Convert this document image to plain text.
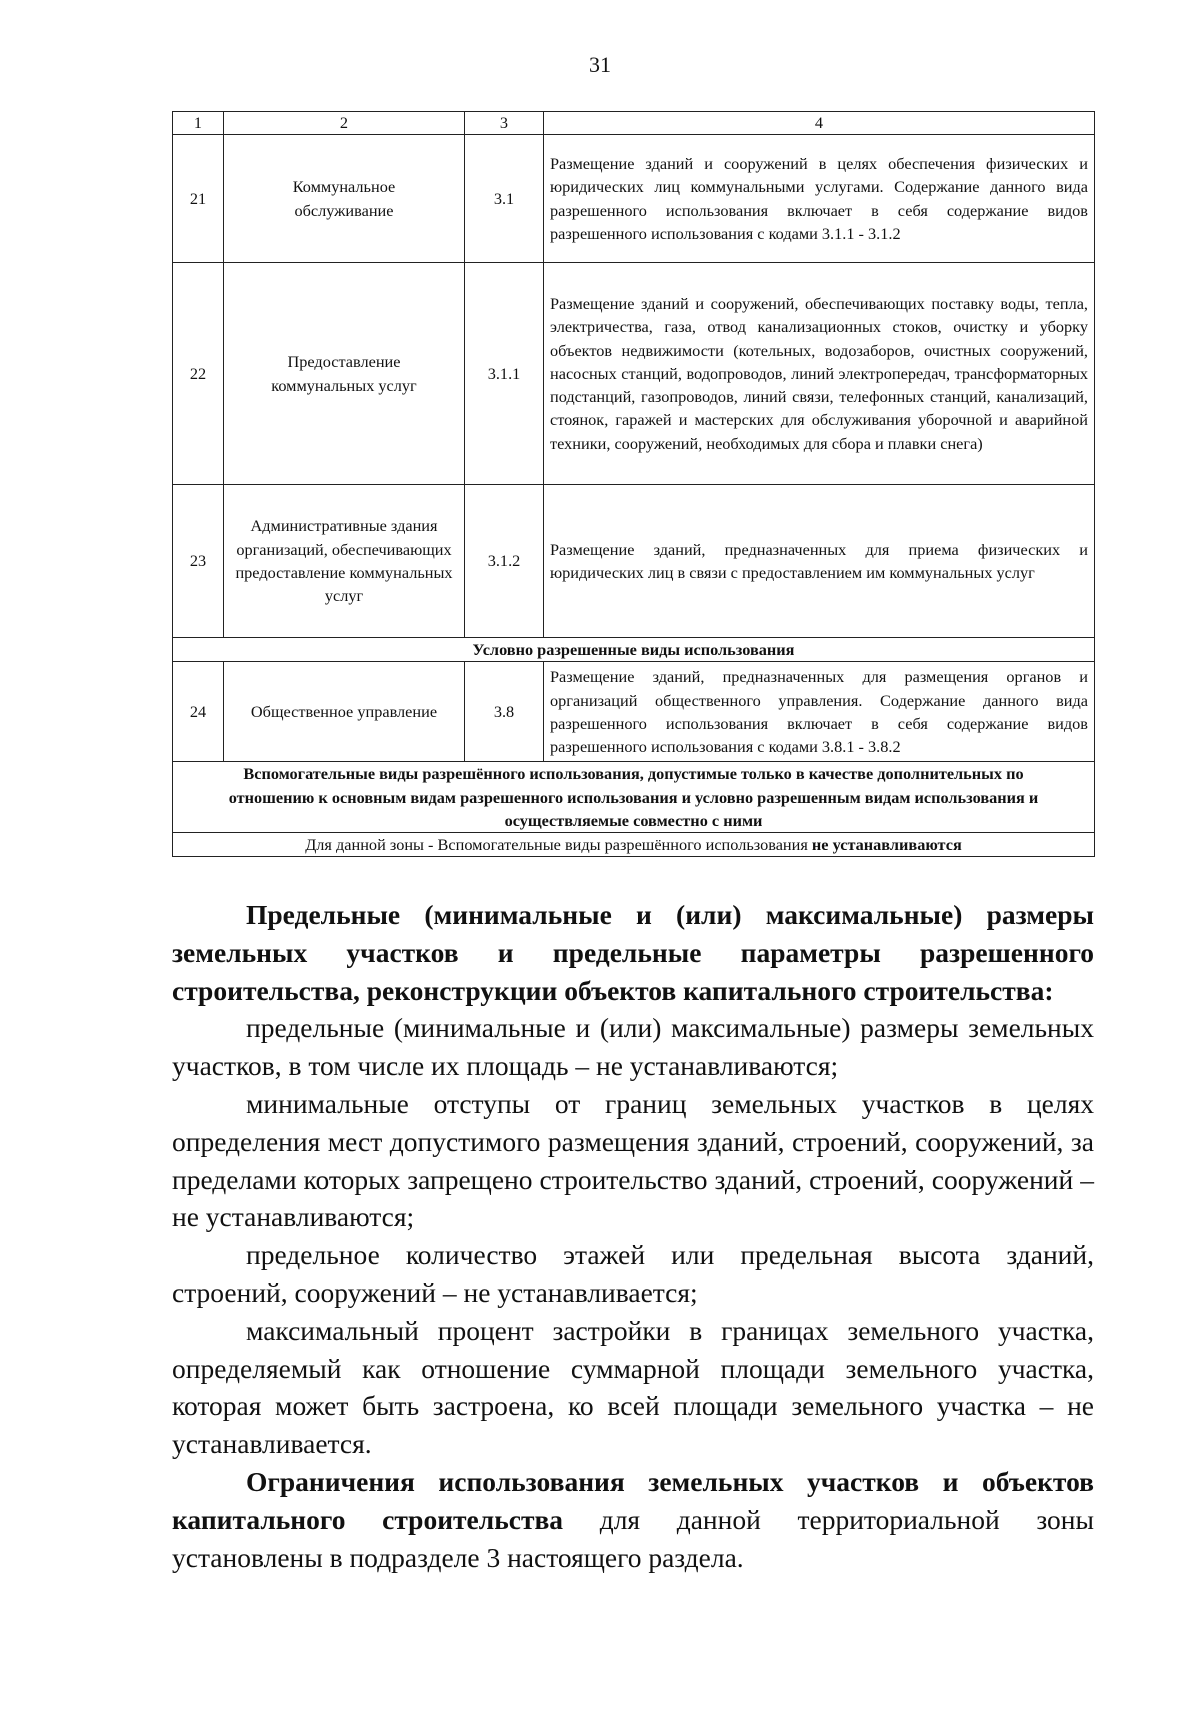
31
1	2	3	4
21	Коммунальное обслуживание	3.1	Размещение зданий и сооружений в целях обеспечения физических и юридических лиц коммунальными услугами. Содержание данного вида разрешенного использования включает в себя содержание видов разрешенного использования с кодами 3.1.1 - 3.1.2
22	Предоставление коммунальных услуг	3.1.1	Размещение зданий и сооружений, обеспечивающих поставку воды, тепла, электричества, газа, отвод канализационных стоков, очистку и уборку объектов недвижимости (котельных, водозаборов, очистных сооружений, насосных станций, водопроводов, линий электропередач, трансформаторных подстанций, газопроводов, линий связи, телефонных станций, канализаций, стоянок, гаражей и мастерских для обслуживания уборочной и аварийной техники, сооружений, необходимых для сбора и плавки снега)
23	Административные здания организаций, обеспечивающих предоставление коммунальных услуг	3.1.2	Размещение зданий, предназначенных для приема физических и юридических лиц в связи с предоставлением им коммунальных услуг
Условно разрешенные виды использования			
24	Общественное управление	3.8	Размещение зданий, предназначенных для размещения органов и организаций общественного управления. Содержание данного вида разрешенного использования включает в себя содержание видов разрешенного использования с кодами 3.8.1 - 3.8.2
Вспомогательные виды разрешённого использования, допустимые только в качестве дополнительных по отношению к основным видам разрешенного использования и условно разрешенным видам использования и осуществляемые совместно с ними			
Для данной зоны - Вспомогательные виды разрешённого использования не устанавливаются			

Предельные (минимальные и (или) максимальные) размеры земельных участков и предельные параметры разрешенного строительства, реконструкции объектов капитального строительства:

предельные (минимальные и (или) максимальные) размеры земельных участков, в том числе их площадь – не устанавливаются;

минимальные отступы от границ земельных участков в целях определения мест допустимого размещения зданий, строений, сооружений, за пределами которых запрещено строительство зданий, строений, сооружений – не устанавливаются;

предельное количество этажей или предельная высота зданий, строений, сооружений – не устанавливается;

максимальный процент застройки в границах земельного участка, определяемый как отношение суммарной площади земельного участка, которая может быть застроена, ко всей площади земельного участка – не устанавливается.

Ограничения использования земельных участков и объектов капитального строительства для данной территориальной зоны установлены в подразделе 3 настоящего раздела.
